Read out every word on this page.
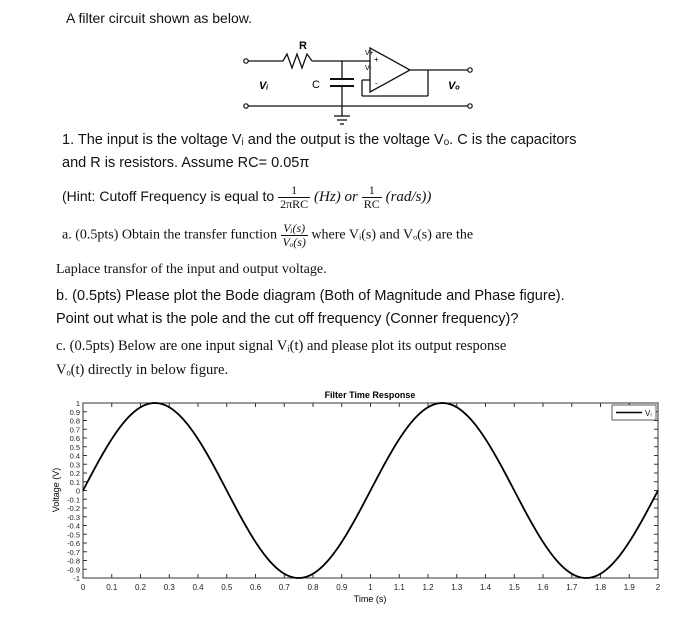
A filter circuit shown as below.
R
C
Vᵢ	Vₒ
V+
V-
+
-
1. The input is the voltage Vᵢ and the output is the voltage Vₒ. C is the capacitors
and R is resistors. Assume RC= 0.05π
(Hint: Cutoff Frequency is equal to $\frac{1}{\text{2πRC}} (Hz)$ or $\frac{1}{RC} (rad/s)$)
a. (0.5pts) Obtain the transfer function $\frac{\text{Vᵢ(s)}}{\text{Vₒ(s)}}$ where Vᵢ(s) and Vₒ(s) are the
Laplace transfor of the input and output voltage.
b. (0.5pts) Please plot the Bode diagram (Both of Magnitude and Phase figure).
Point out what is the pole and the cut off frequency (Conner frequency)?
c. (0.5pts) Below are one input signal Vᵢ(t) and please plot its output response
Vₒ(t) directly in below figure.
Filter Time Response
Time (s)
Voltage (V)
0	0.1 0.2 0.3 0.4 0.5 0.6 0.7 0.8 0.9	1	1.1 1.2 1.3 1.4 1.5 1.6 1.7 1.8 1.9	2
1
0.9
0.8
0.7
0.6
0.5
0.4
0.3
0.2
0.1
0
-0.1
-0.2
-0.3
-0.4
-0.5
-0.6
-0.7
-0.8
-0.9
-1
Vᵢ
